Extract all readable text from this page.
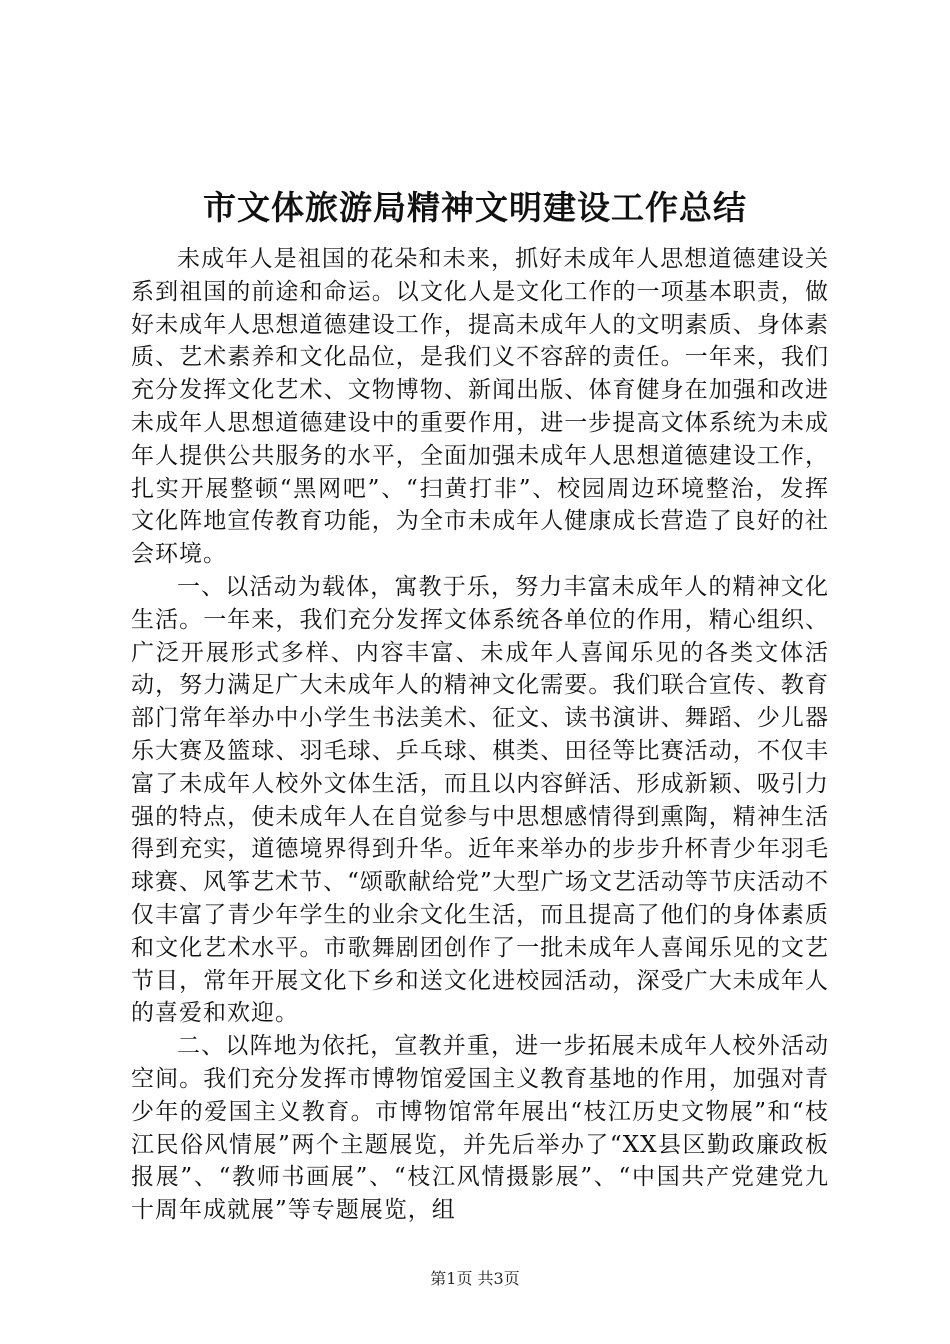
市文体旅游局精神文明建设工作总结

未成年人是祖国的花朵和未来，抓好未成年人思想道德建设关系到祖国的前途和命运。以文化人是文化工作的一项基本职责，做好未成年人思想道德建设工作，提高未成年人的文明素质、身体素质、艺术素养和文化品位，是我们义不容辞的责任。一年来，我们充分发挥文化艺术、文物博物、新闻出版、体育健身在加强和改进未成年人思想道德建设中的重要作用，进一步提高文体系统为未成年人提供公共服务的水平，全面加强未成年人思想道德建设工作，扎实开展整顿“黑网吧”、“扫黄打非”、校园周边环境整治，发挥文化阵地宣传教育功能，为全市未成年人健康成长营造了良好的社会环境。

一、以活动为载体，寓教于乐，努力丰富未成年人的精神文化生活。一年来，我们充分发挥文体系统各单位的作用，精心组织、广泛开展形式多样、内容丰富、未成年人喜闻乐见的各类文体活动，努力满足广大未成年人的精神文化需要。我们联合宣传、教育部门常年举办中小学生书法美术、征文、读书演讲、舞蹈、少儿器乐大赛及篮球、羽毛球、乒乓球、棋类、田径等比赛活动，不仅丰富了未成年人校外文体生活，而且以内容鲜活、形成新颖、吸引力强的特点，使未成年人在自觉参与中思想感情得到熏陶，精神生活得到充实，道德境界得到升华。近年来举办的步步升杯青少年羽毛球赛、风筝艺术节、“颂歌献给党”大型广场文艺活动等节庆活动不仅丰富了青少年学生的业余文化生活，而且提高了他们的身体素质和文化艺术水平。市歌舞剧团创作了一批未成年人喜闻乐见的文艺节目，常年开展文化下乡和送文化进校园活动，深受广大未成年人的喜爱和欢迎。

二、以阵地为依托，宣教并重，进一步拓展未成年人校外活动空间。我们充分发挥市博物馆爱国主义教育基地的作用，加强对青少年的爱国主义教育。市博物馆常年展出“枝江历史文物展”和“枝江民俗风情展”两个主题展览，并先后举办了“XX县区勤政廉政板报展”、“教师书画展”、“枝江风情摄影展”、“中国共产党建党九十周年成就展”等专题展览，组

第1页 共3页
